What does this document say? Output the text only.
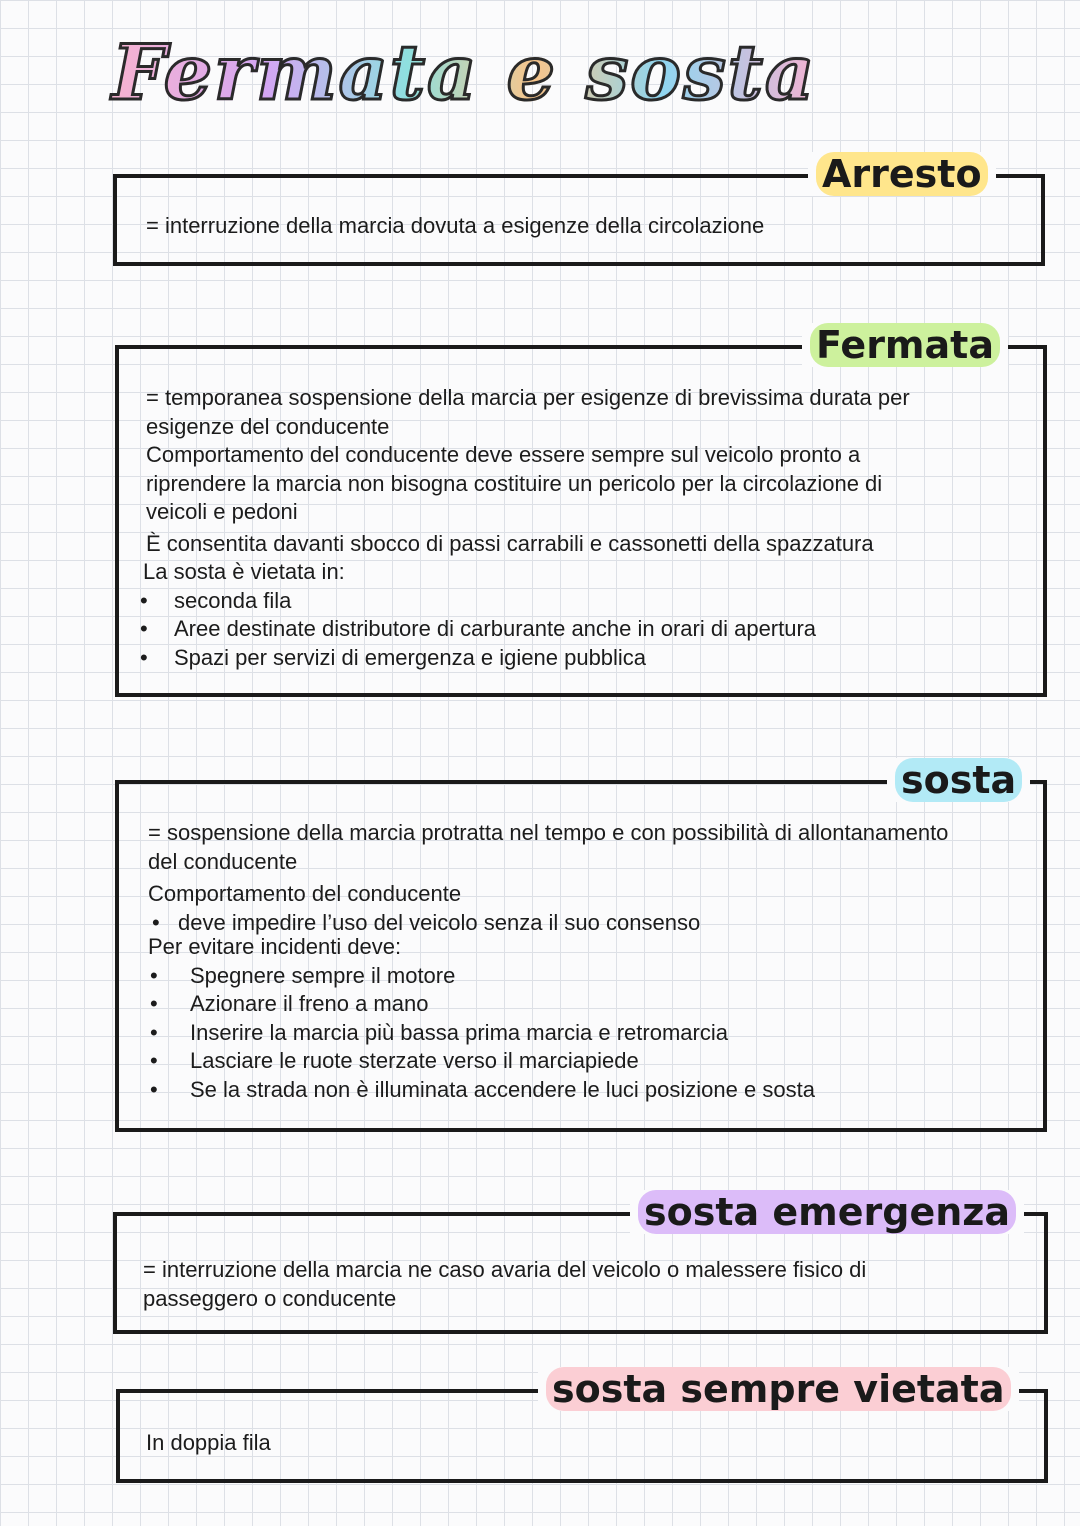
Fermata e sosta
Arresto

= interruzione della marcia dovuta a esigenze della circolazione

Fermata

= temporanea sospensione della marcia per esigenze di brevissima durata per

esigenze del conducente

Comportamento del conducente deve essere sempre sul veicolo pronto a

riprendere la marcia non bisogna costituire un pericolo per la circolazione di

veicoli e pedoni

È consentita davanti sbocco di passi carrabili e cassonetti della spazzatura

La sosta è vietata in:

• seconda fila
• Aree destinate distributore di carburante anche in orari di apertura
• Spazi per servizi di emergenza e igiene pubblica
sosta

= sospensione della marcia protratta nel tempo e con possibilità di allontanamento

del conducente

Comportamento del conducente

• deve impedire l’uso del veicolo senza il suo consenso

Per evitare incidenti deve:

• Spegnere sempre il motore
• Azionare il freno a mano
• Inserire la marcia più bassa prima marcia e retromarcia
• Lasciare le ruote sterzate verso il marciapiede
• Se la strada non è illuminata accendere le luci posizione e sosta
sosta emergenza

= interruzione della marcia ne caso avaria del veicolo o malessere fisico di

passeggero o conducente

sosta sempre vietata

In doppia fila
